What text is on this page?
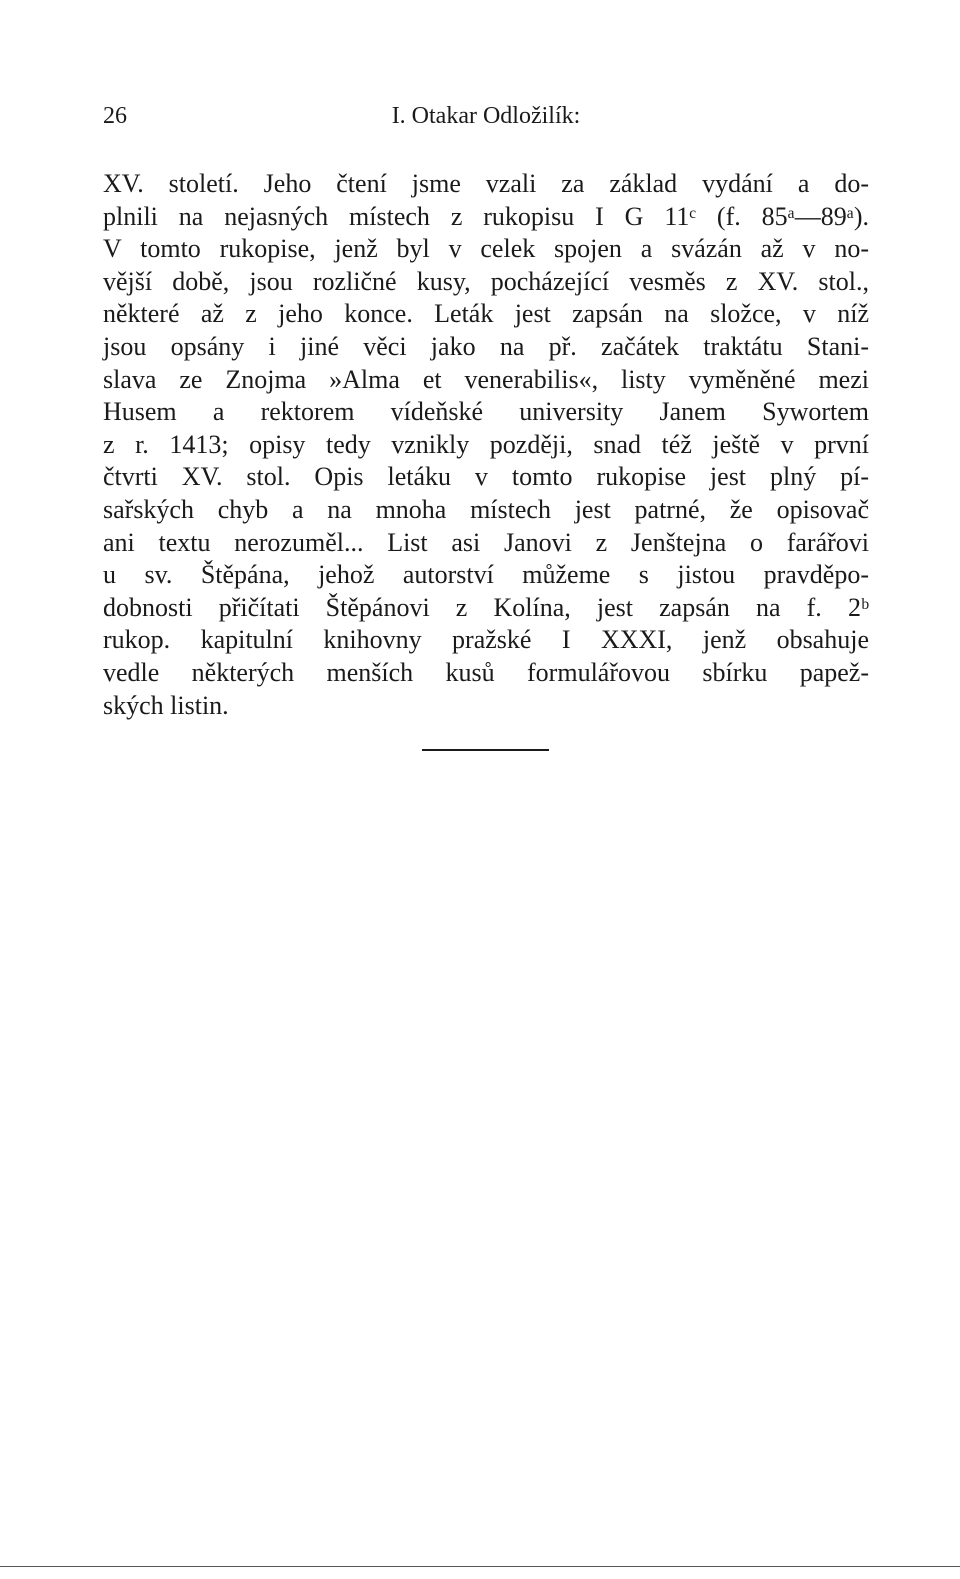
26	I. Otakar Odložilík:
XV. století. Jeho čtení jsme vzali za základ vydání a do-
plnili na nejasných místech z rukopisu I G 11ᶜ (f. 85ᵃ—89ᵃ).
V tomto rukopise, jenž byl v celek spojen a svázán až v no-
vější době, jsou rozličné kusy, pocházející vesměs z XV. stol.,
některé až z jeho konce. Leták jest zapsán na složce, v níž
jsou opsány i jiné věci jako na př. začátek traktátu Stani-
slava ze Znojma »Alma et venerabilis«, listy vyměněné mezi
Husem a rektorem vídeňské university Janem Sywortem
z r. 1413; opisy tedy vznikly později, snad též ještě v první
čtvrti XV. stol. Opis letáku v tomto rukopise jest plný pí-
sařských chyb a na mnoha místech jest patrné, že opisovač
ani textu nerozuměl... List asi Janovi z Jenštejna o farářovi
u sv. Štěpána, jehož autorství můžeme s jistou pravděpo-
dobnosti přičítati Štěpánovi z Kolína, jest zapsán na f. 2ᵇ
rukop. kapitulní knihovny pražské I XXXI, jenž obsahuje
vedle některých menších kusů formulářovou sbírku papež-
ských listin.
